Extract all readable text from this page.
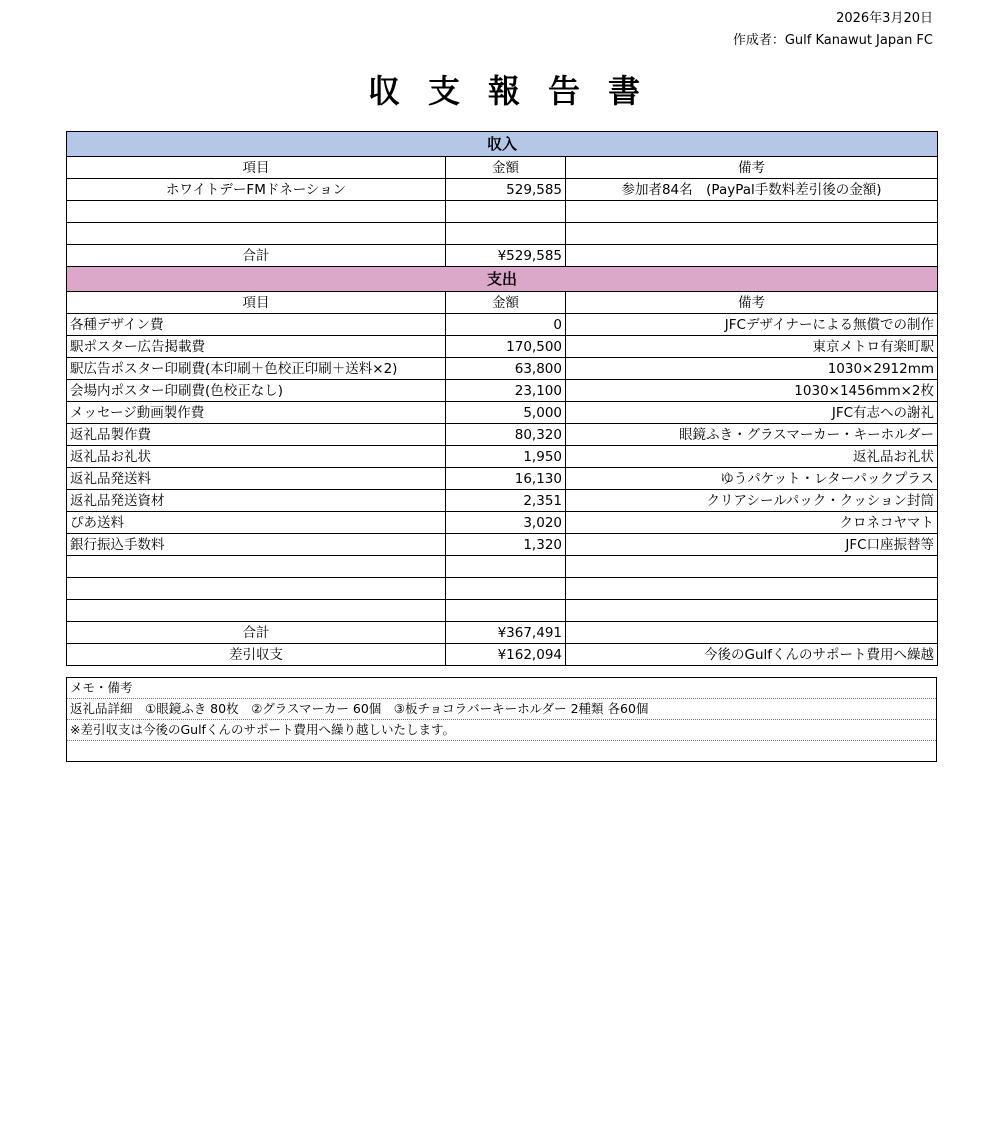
2026年3月20日
作成者：Gulf Kanawut Japan FC
収支報告書
収入		
項目	金額	備考
ホワイトデーFMドネーション	529,585	参加者84名　(PayPal手数料差引後の金額)

合計	¥529,585	
支出		
項目	金額	備考
各種デザイン費	0	JFCデザイナーによる無償での制作
駅ポスター広告掲載費	170,500	東京メトロ有楽町駅
駅広告ポスター印刷費(本印刷＋色校正印刷＋送料×2)	63,800	1030×2912mm
会場内ポスター印刷費(色校正なし)	23,100	1030×1456mm×2枚
メッセージ動画製作費	5,000	JFC有志への謝礼
返礼品製作費	80,320	眼鏡ふき・グラスマーカー・キーホルダー
返礼品お礼状	1,950	返礼品お礼状
返礼品発送料	16,130	ゆうパケット・レターパックプラス
返礼品発送資材	2,351	クリアシールパック・クッション封筒
ぴあ送料	3,020	クロネコヤマト
銀行振込手数料	1,320	JFC口座振替等

合計	¥367,491	
差引収支	¥162,094	今後のGulfくんのサポート費用へ繰越
メモ・備考
返礼品詳細　①眼鏡ふき 80枚　②グラスマーカー 60個　③板チョコラバーキーホルダー 2種類 各60個
※差引収支は今後のGulfくんのサポート費用へ繰り越しいたします。
